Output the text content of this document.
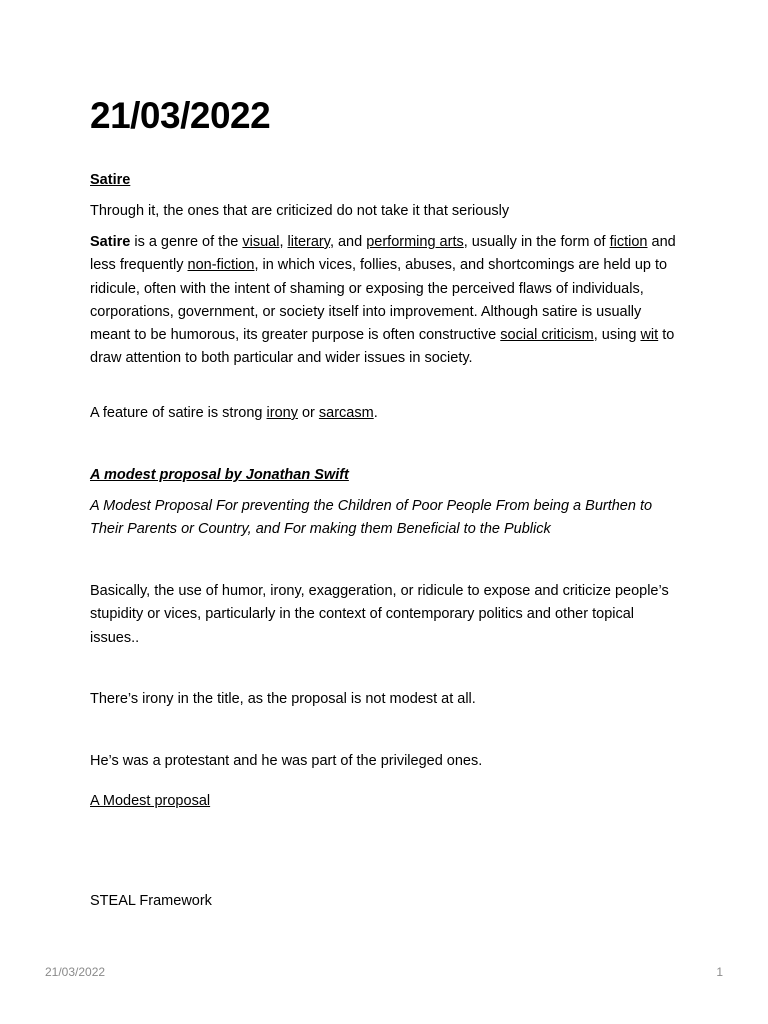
21/03/2022

Satire

Through it, the ones that are criticized do not take it that seriously

Satire is a genre of the visual, literary, and performing arts, usually in the form of fiction and less frequently non-fiction, in which vices, follies, abuses, and shortcomings are held up to ridicule, often with the intent of shaming or exposing the perceived flaws of individuals, corporations, government, or society itself into improvement. Although satire is usually meant to be humorous, its greater purpose is often constructive social criticism, using wit to draw attention to both particular and wider issues in society.

A feature of satire is strong irony or sarcasm.

A modest proposal by Jonathan Swift

A Modest Proposal For preventing the Children of Poor People From being a Burthen to Their Parents or Country, and For making them Beneficial to the Publick

Basically, the use of humor, irony, exaggeration, or ridicule to expose and criticize people’s stupidity or vices, particularly in the context of contemporary politics and other topical issues..

There’s irony in the title, as the proposal is not modest at all.

He’s was a protestant and he was part of the privileged ones.

A Modest proposal

STEAL Framework

21/03/2022	1
